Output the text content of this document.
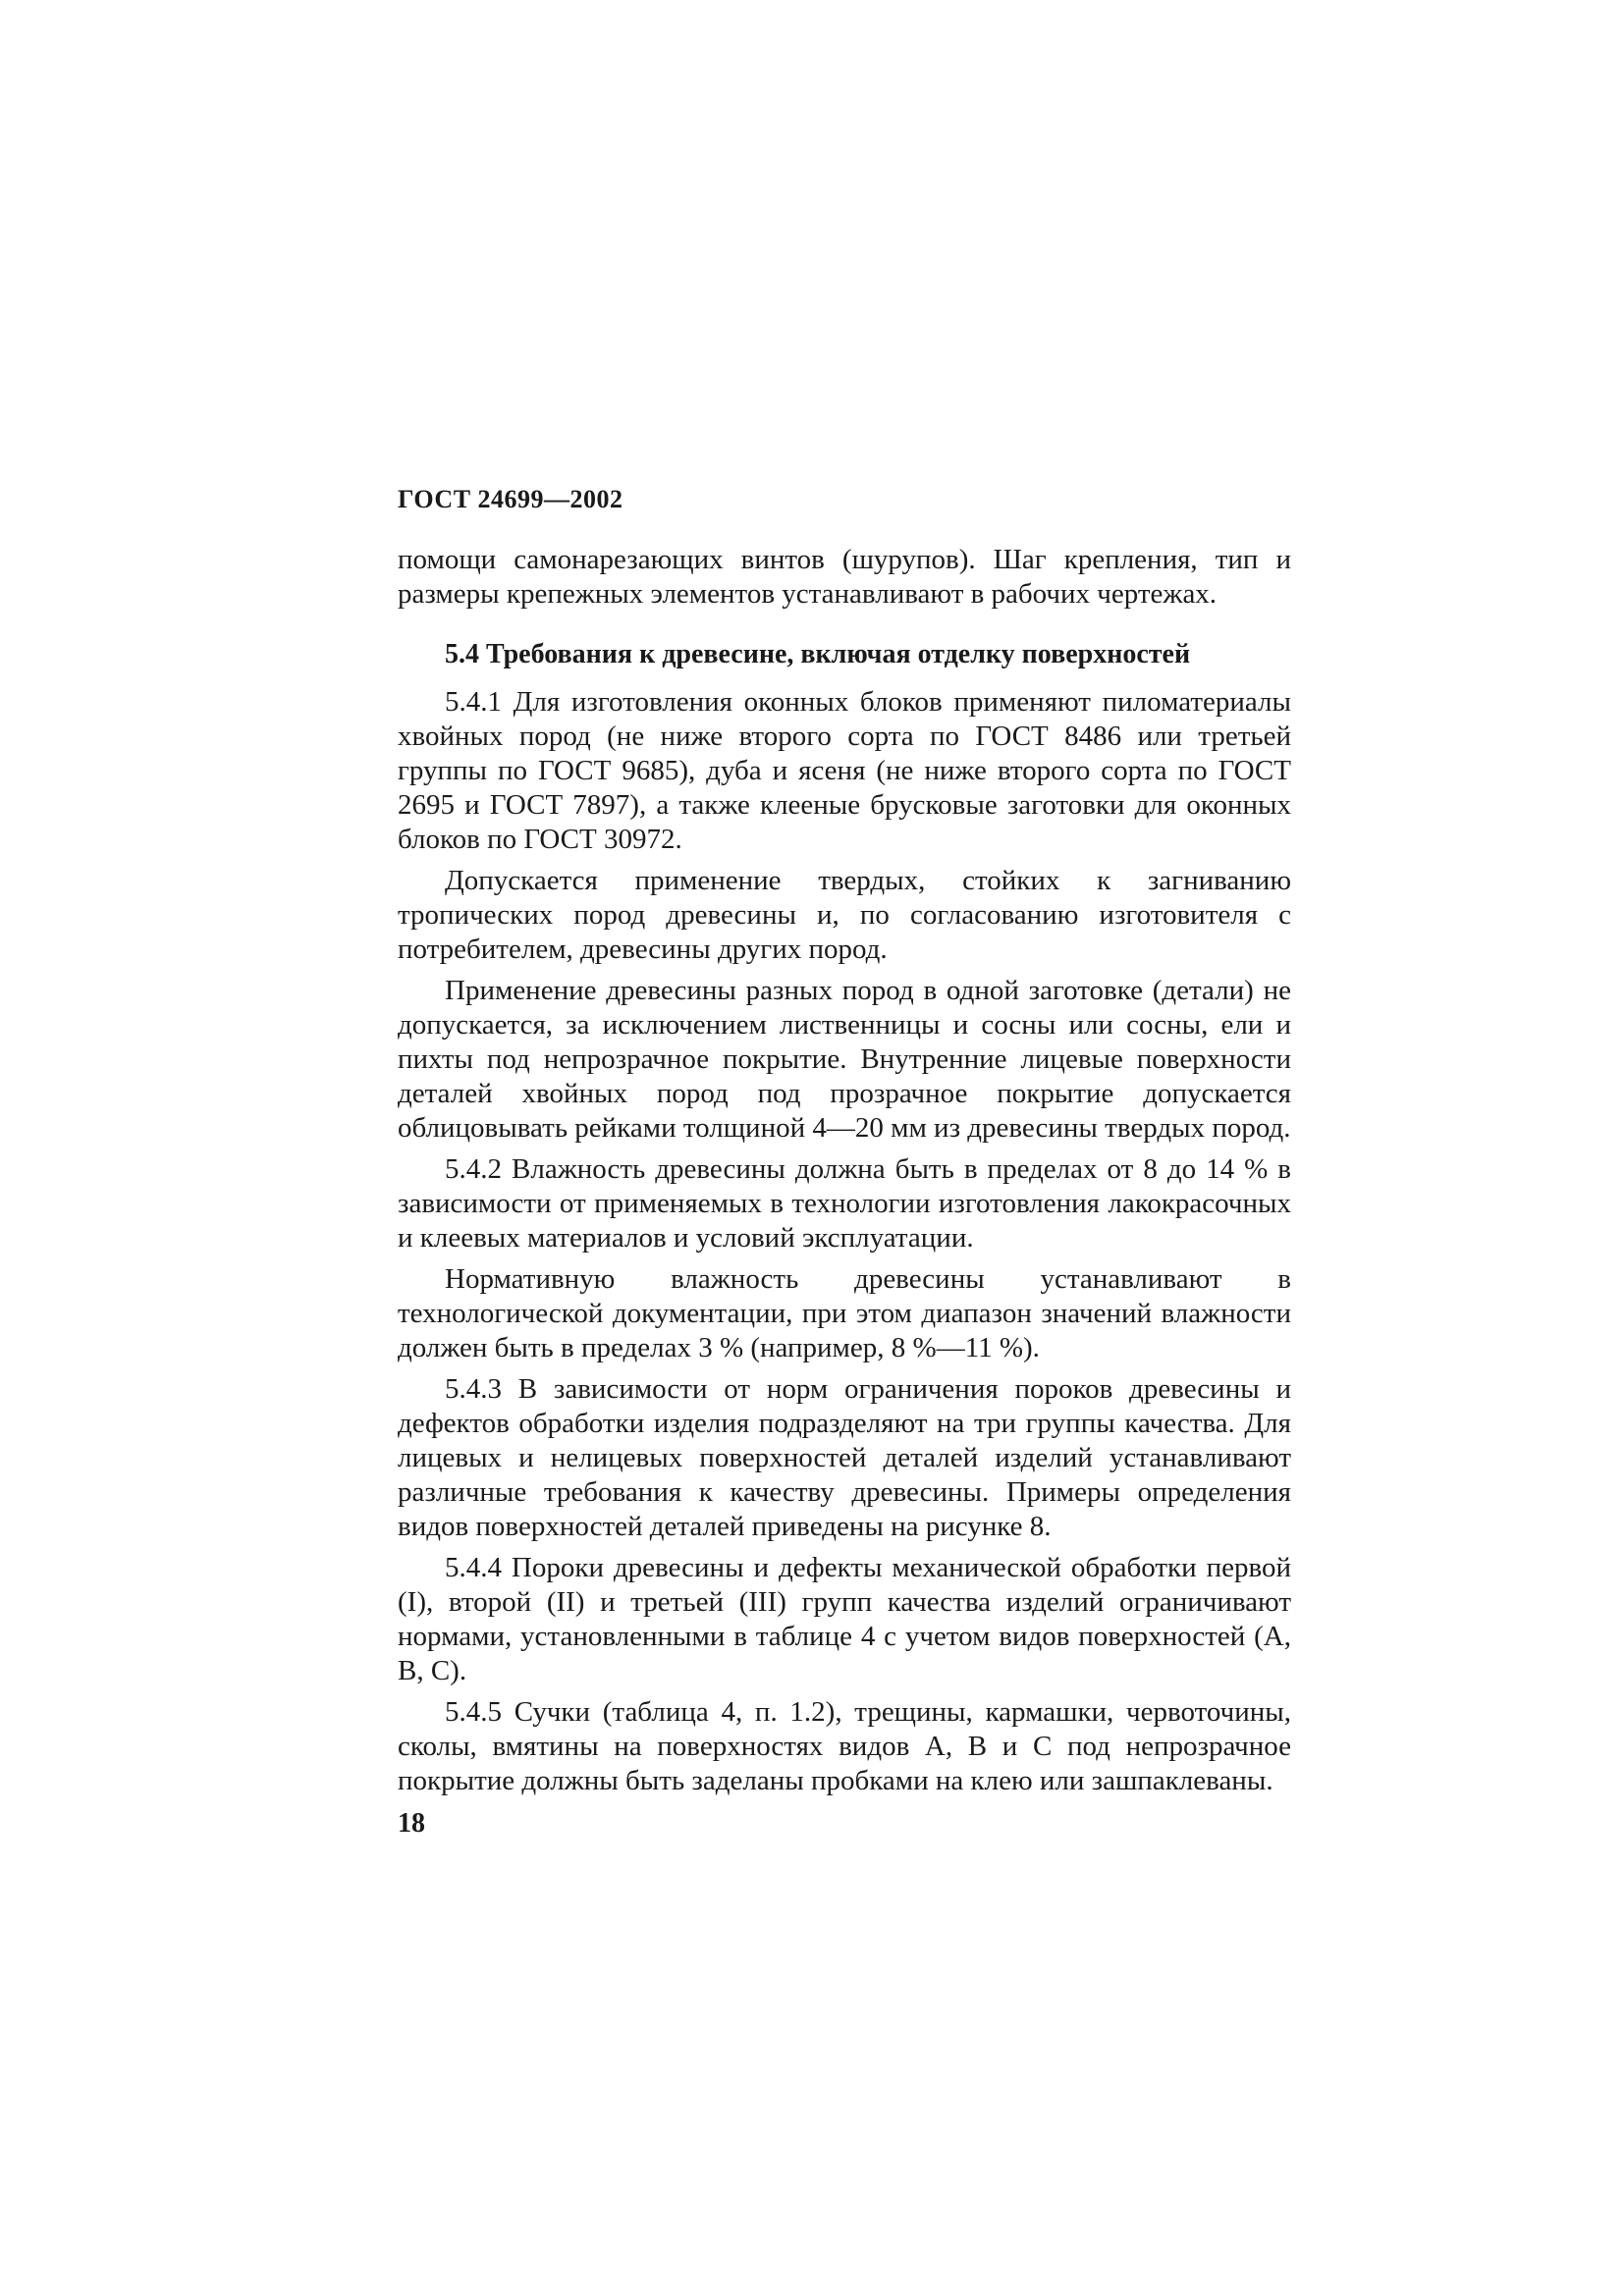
ГОСТ 24699—2002

помощи самонарезающих винтов (шурупов). Шаг крепления, тип и размеры крепежных элементов устанавливают в рабочих чертежах.

5.4 Требования к древесине, включая отделку поверхностей

5.4.1 Для изготовления оконных блоков применяют пиломатериалы хвойных пород (не ниже второго сорта по ГОСТ 8486 или третьей группы по ГОСТ 9685), дуба и ясеня (не ниже второго сорта по ГОСТ 2695 и ГОСТ 7897), а также клееные брусковые заготовки для оконных блоков по ГОСТ 30972.

Допускается применение твердых, стойких к загниванию тропических пород древесины и, по согласованию изготовителя с потребителем, древесины других пород.

Применение древесины разных пород в одной заготовке (детали) не допускается, за исключением лиственницы и сосны или сосны, ели и пихты под непрозрачное покрытие. Внутренние лицевые поверхности деталей хвойных пород под прозрачное покрытие допускается облицовывать рейками толщиной 4—20 мм из древесины твердых пород.

5.4.2 Влажность древесины должна быть в пределах от 8 до 14 % в зависимости от применяемых в технологии изготовления лакокрасочных и клеевых материалов и условий эксплуатации.

Нормативную влажность древесины устанавливают в технологической документации, при этом диапазон значений влажности должен быть в пределах 3 % (например, 8 %—11 %).

5.4.3 В зависимости от норм ограничения пороков древесины и дефектов обработки изделия подразделяют на три группы качества. Для лицевых и нелицевых поверхностей деталей изделий устанавливают различные требования к качеству древесины. Примеры определения видов поверхностей деталей приведены на рисунке 8.

5.4.4 Пороки древесины и дефекты механической обработки первой (I), второй (II) и третьей (III) групп качества изделий ограничивают нормами, установленными в таблице 4 с учетом видов поверхностей (А, В, С).

5.4.5 Сучки (таблица 4, п. 1.2), трещины, кармашки, червоточины, сколы, вмятины на поверхностях видов А, В и С под непрозрачное покрытие должны быть заделаны пробками на клею или зашпаклеваны.

18
